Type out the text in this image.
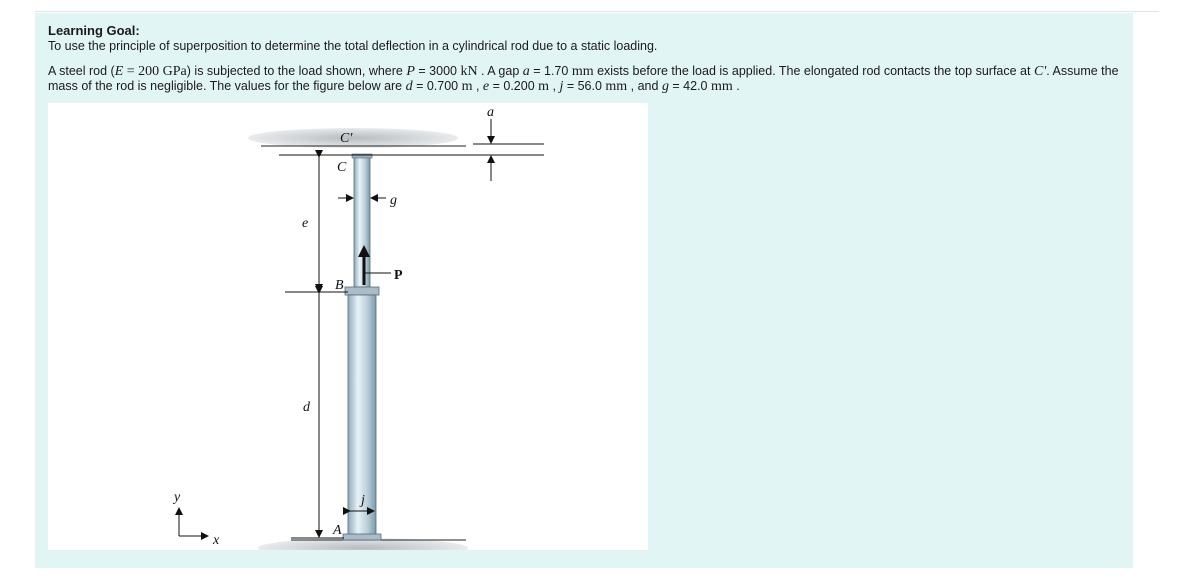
Learning Goal:
To use the principle of superposition to determine the total deflection in a cylindrical rod due to a static loading.
A steel rod (E = 200 GPa) is subjected to the load shown, where P = 3000 kN . A gap a = 1.70 mm exists before the load is applied. The elongated rod contacts the top surface at C'. Assume the mass of the rod is negligible. The values for the figure below are d = 0.700 m , e = 0.200 m , j = 56.0 mm , and g = 42.0 mm .
a
C'
C
g
e
P
B
d
j
A
y
x
